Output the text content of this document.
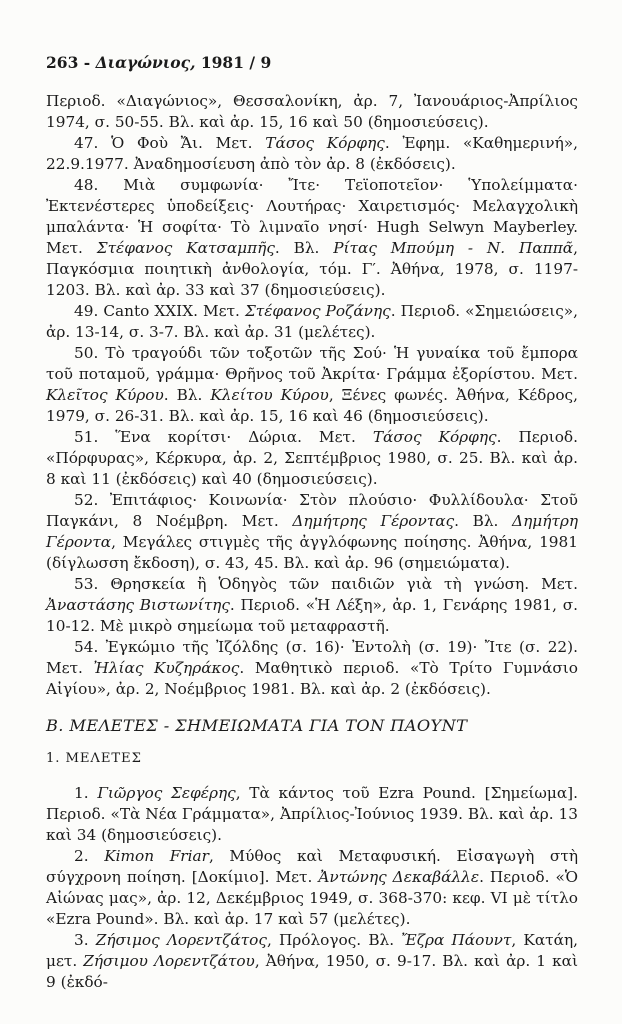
263 - Διαγώνιος, 1981 / 9

Περιοδ. «Διαγώνιος», Θεσσαλονίκη, ἀρ. 7, Ἰανουάριος-Ἀπρίλιος 1974, σ. 50-55. Βλ. καὶ ἀρ. 15, 16 καὶ 50 (δημοσιεύσεις).

47. Ὁ Φοὺ Ἄι. Μετ. Τάσος Κόρφης. Ἐφημ. «Καθημερινή», 22.9.1977. Ἀναδημοσίευση ἀπὸ τὸν ἀρ. 8 (ἐκδόσεις).

48. Μιὰ συμφωνία· Ἴτε· Τεϊοποτεῖον· Ὑπολείμματα· Ἐκτενέστερες ὑποδείξεις· Λουτήρας· Χαιρετισμός· Μελαγχολικὴ μπαλάντα· Ἡ σοφίτα· Τὸ λιμναῖο νησί· Hugh Selwyn Mayberley. Μετ. Στέφανος Κατσαμπῆς. Βλ. Ρίτας Μπούμη - Ν. Παππᾶ, Παγκόσμια ποιητικὴ ἀνθολογία, τόμ. Γ′. Ἀθήνα, 1978, σ. 1197-1203. Βλ. καὶ ἀρ. 33 καὶ 37 (δημοσιεύσεις).

49. Canto XXIX. Μετ. Στέφανος Ροζάνης. Περιοδ. «Σημειώσεις», ἀρ. 13-14, σ. 3-7. Βλ. καὶ ἀρ. 31 (μελέτες).

50. Τὸ τραγούδι τῶν τοξοτῶν τῆς Σού· Ἡ γυναίκα τοῦ ἔμπορα τοῦ ποταμοῦ, γράμμα· Θρῆνος τοῦ Ἀκρίτα· Γράμμα ἐξορίστου. Μετ. Κλεῖτος Κύρου. Βλ. Κλείτου Κύρου, Ξένες φωνές. Ἀθήνα, Κέδρος, 1979, σ. 26-31. Βλ. καὶ ἀρ. 15, 16 καὶ 46 (δημοσιεύσεις).

51. Ἕνα κορίτσι· Δώρια. Μετ. Τάσος Κόρφης. Περιοδ. «Πόρφυρας», Κέρκυρα, ἀρ. 2, Σεπτέμβριος 1980, σ. 25. Βλ. καὶ ἀρ. 8 καὶ 11 (ἐκδόσεις) καὶ 40 (δημοσιεύσεις).

52. Ἐπιτάφιος· Κοινωνία· Στὸν πλούσιο· Φυλλίδουλα· Στοῦ Παγκάνι, 8 Νοέμβρη. Μετ. Δημήτρης Γέροντας. Βλ. Δημήτρη Γέροντα, Μεγάλες στιγμὲς τῆς ἀγγλόφωνης ποίησης. Ἀθήνα, 1981 (δίγλωσση ἔκδοση), σ. 43, 45. Βλ. καὶ ἀρ. 96 (σημειώματα).

53. Θρησκεία ἢ Ὁδηγὸς τῶν παιδιῶν γιὰ τὴ γνώση. Μετ. Ἀναστάσης Βιστωνίτης. Περιοδ. «Ἡ Λέξη», ἀρ. 1, Γενάρης 1981, σ. 10-12. Μὲ μικρὸ σημείωμα τοῦ μεταφραστῆ.

54. Ἐγκώμιο τῆς Ἰζόλδης (σ. 16)· Ἐντολὴ (σ. 19)· Ἴτε (σ. 22). Μετ. Ἠλίας Κυζηράκος. Μαθητικὸ περιοδ. «Τὸ Τρίτο Γυμνάσιο Αἰγίου», ἀρ. 2, Νοέμβριος 1981. Βλ. καὶ ἀρ. 2 (ἐκδόσεις).

Β. ΜΕΛΕΤΕΣ - ΣΗΜΕΙΩΜΑΤΑ ΓΙΑ ΤΟΝ ΠΑΟΥΝΤ

1. ΜΕΛΕΤΕΣ

1. Γιῶργος Σεφέρης, Τὰ κάντος τοῦ Ezra Pound. [Σημείωμα]. Περιοδ. «Τὰ Νέα Γράμματα», Ἀπρίλιος-Ἰούνιος 1939. Βλ. καὶ ἀρ. 13 καὶ 34 (δημοσιεύσεις).

2. Kimon Friar, Μύθος καὶ Μεταφυσική. Εἰσαγωγὴ στὴ σύγχρονη ποίηση. [Δοκίμιο]. Μετ. Ἀντώνης Δεκαβάλλε. Περιοδ. «Ὁ Αἰώνας μας», ἀρ. 12, Δεκέμβριος 1949, σ. 368-370: κεφ. VI μὲ τίτλο «Ezra Pound». Βλ. καὶ ἀρ. 17 καὶ 57 (μελέτες).

3. Ζήσιμος Λορεντζάτος, Πρόλογος. Βλ. Ἔζρα Πάουντ, Κατάη, μετ. Ζήσιμου Λορεντζάτου, Ἀθήνα, 1950, σ. 9-17. Βλ. καὶ ἀρ. 1 καὶ 9 (ἐκδό-
